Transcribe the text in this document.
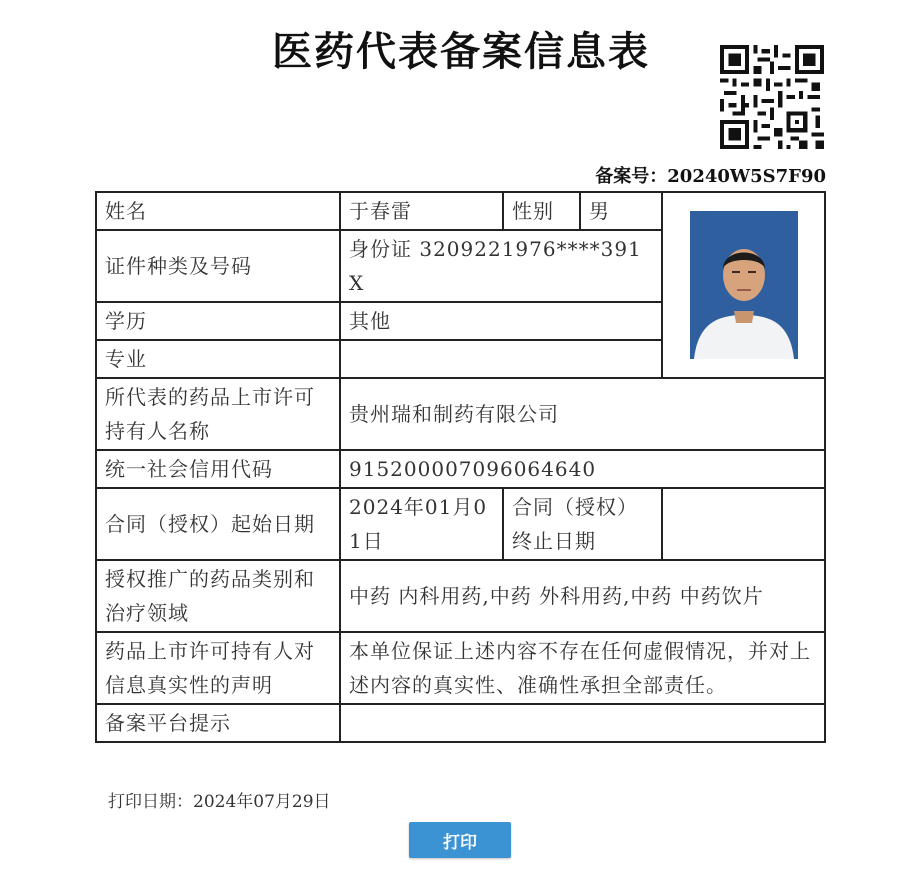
医药代表备案信息表
备案号：20240W5S7F90
姓名	于春雷	性别	男	

证件种类及号码	身份证 3209221976****391X			
学历	其他			
专业				
所代表的药品上市许可持有人名称	贵州瑞和制药有限公司			
统一社会信用代码	915200007096064640			
合同（授权）起始日期	2024年01月01日	合同（授权）终止日期		
授权推广的药品类别和治疗领域	中药 内科用药,中药 外科用药,中药 中药饮片			
药品上市许可持有人对信息真实性的声明	本单位保证上述内容不存在任何虚假情况，并对上述内容的真实性、准确性承担全部责任。			
备案平台提示				
打印日期：2024年07月29日
打印
